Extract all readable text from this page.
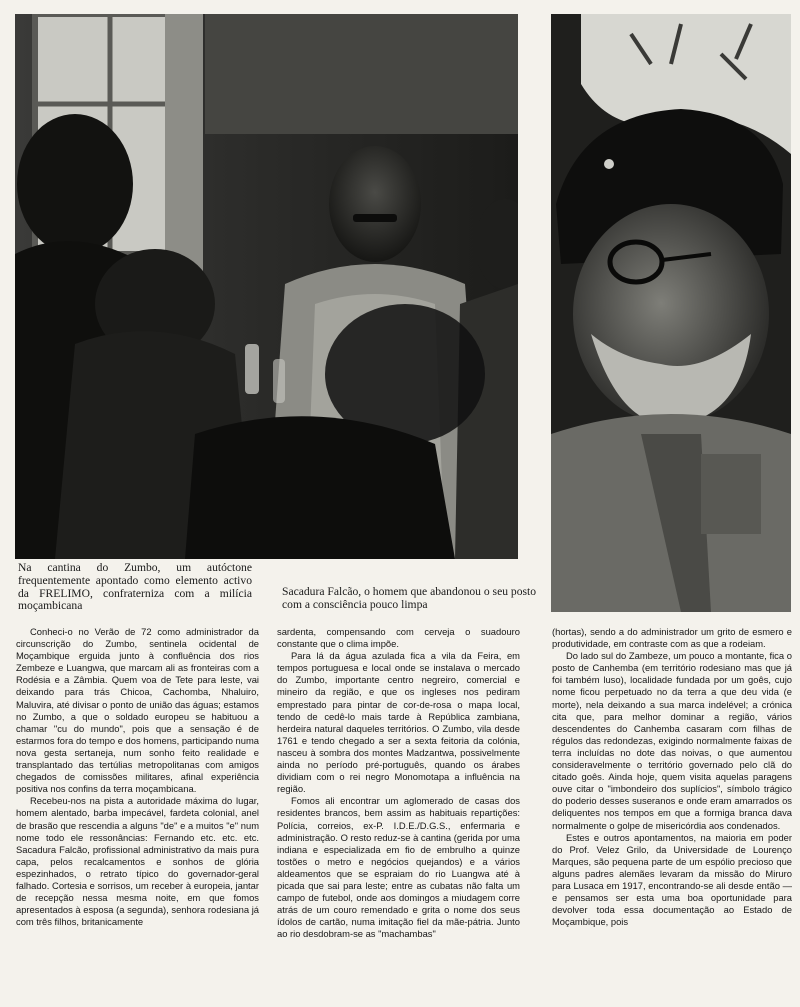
Na cantina do Zumbo, um autóctone frequentemente apontado como elemento activo da FRELIMO, confraterniza com a milícia moçambicana

Sacadura Falcão, o homem que abandonou o seu posto com a consciência pouco limpa

Conheci-o no Verão de 72 como administrador da circunscrição do Zumbo, sentinela ocidental de Moçambique erguida junto à confluência dos rios Zembeze e Luangwa, que marcam ali as fronteiras com a Rodésia e a Zâmbia. Quem voa de Tete para leste, vai deixando para trás Chicoa, Cachomba, Nhaluiro, Maluvira, até divisar o ponto de união das águas; estamos no Zumbo, a que o soldado europeu se habituou a chamar "cu do mundo", pois que a sensação é de estarmos fora do tempo e dos homens, participando numa nova gesta sertaneja, num sonho feito realidade e transplantado das tertúlias metropolitanas com amigos chegados de comissões militares, afinal experiência positiva nos confins da terra moçambicana.

Recebeu-nos na pista a autoridade máxima do lugar, homem alentado, barba impecável, fardeta colonial, anel de brasão que rescendia a alguns "de" e a muitos "e" num nome todo ele ressonâncias: Fernando etc. etc. etc. Sacadura Falcão, profissional administrativo da mais pura capa, pelos recalcamentos e sonhos de glória espezinhados, o retrato típico do governador-geral falhado. Cortesia e sorrisos, um receber à europeia, jantar de recepção nessa mesma noite, em que fomos apresentados à esposa (a segunda), senhora rodesiana já com três filhos, britanicamente

sardenta, compensando com cerveja o suadouro constante que o clima impõe.

Para lá da água azulada fica a vila da Feira, em tempos portuguesa e local onde se instalava o mercado do Zumbo, importante centro negreiro, comercial e mineiro da região, e que os ingleses nos pediram emprestado para pintar de cor-de-rosa o mapa local, tendo de cedê-lo mais tarde à República zambiana, herdeira natural daqueles territórios. O Zumbo, vila desde 1761 e tendo chegado a ser a sexta feitoria da colónia, nasceu à sombra dos montes Madzantwa, possivelmente ainda no período pré-português, quando os árabes dividiam com o rei negro Monomotapa a influência na região.

Fomos ali encontrar um aglomerado de casas dos residentes brancos, bem assim as habituais repartições: Polícia, correios, ex-P. I.D.E./D.G.S., enfermaria e administração. O resto reduz-se à cantina (gerida por uma indiana e especializada em fio de embrulho a quinze tostões o metro e negócios quejandos) e a vários aldeamentos que se espraiam do rio Luangwa até à picada que sai para leste; entre as cubatas não falta um campo de futebol, onde aos domingos a miudagem corre atrás de um couro remendado e grita o nome dos seus ídolos de cartão, numa imitação fiel da mãe-pátria. Junto ao rio desdobram-se as "machambas"

(hortas), sendo a do administrador um grito de esmero e produtividade, em contraste com as que a rodeiam.

Do lado sul do Zambeze, um pouco a montante, fica o posto de Canhemba (em território rodesiano mas que já foi também luso), localidade fundada por um goês, cujo nome ficou perpetuado no da terra a que deu vida (e morte), nela deixando a sua marca indelével; a crónica cita que, para melhor dominar a região, vários descendentes do Canhemba casaram com filhas de régulos das redondezas, exigindo normalmente faixas de terra incluídas no dote das noivas, o que aumentou consideravelmente o território governado pelo clã do citado goês. Ainda hoje, quem visita aquelas paragens ouve citar o "imbondeiro dos suplícios", símbolo trágico do poderio desses suseranos e onde eram amarrados os deliquentes nos tempos em que a formiga branca dava normalmente o golpe de misericórdia aos condenados.

Estes e outros apontamentos, na maioria em poder do Prof. Velez Grilo, da Universidade de Lourenço Marques, são pequena parte de um espólio precioso que alguns padres alemães levaram da missão do Miruro para Lusaca em 1917, encontrando-se ali desde então — e pensamos ser esta uma boa oportunidade para devolver toda essa documentação ao Estado de Moçambique, pois
